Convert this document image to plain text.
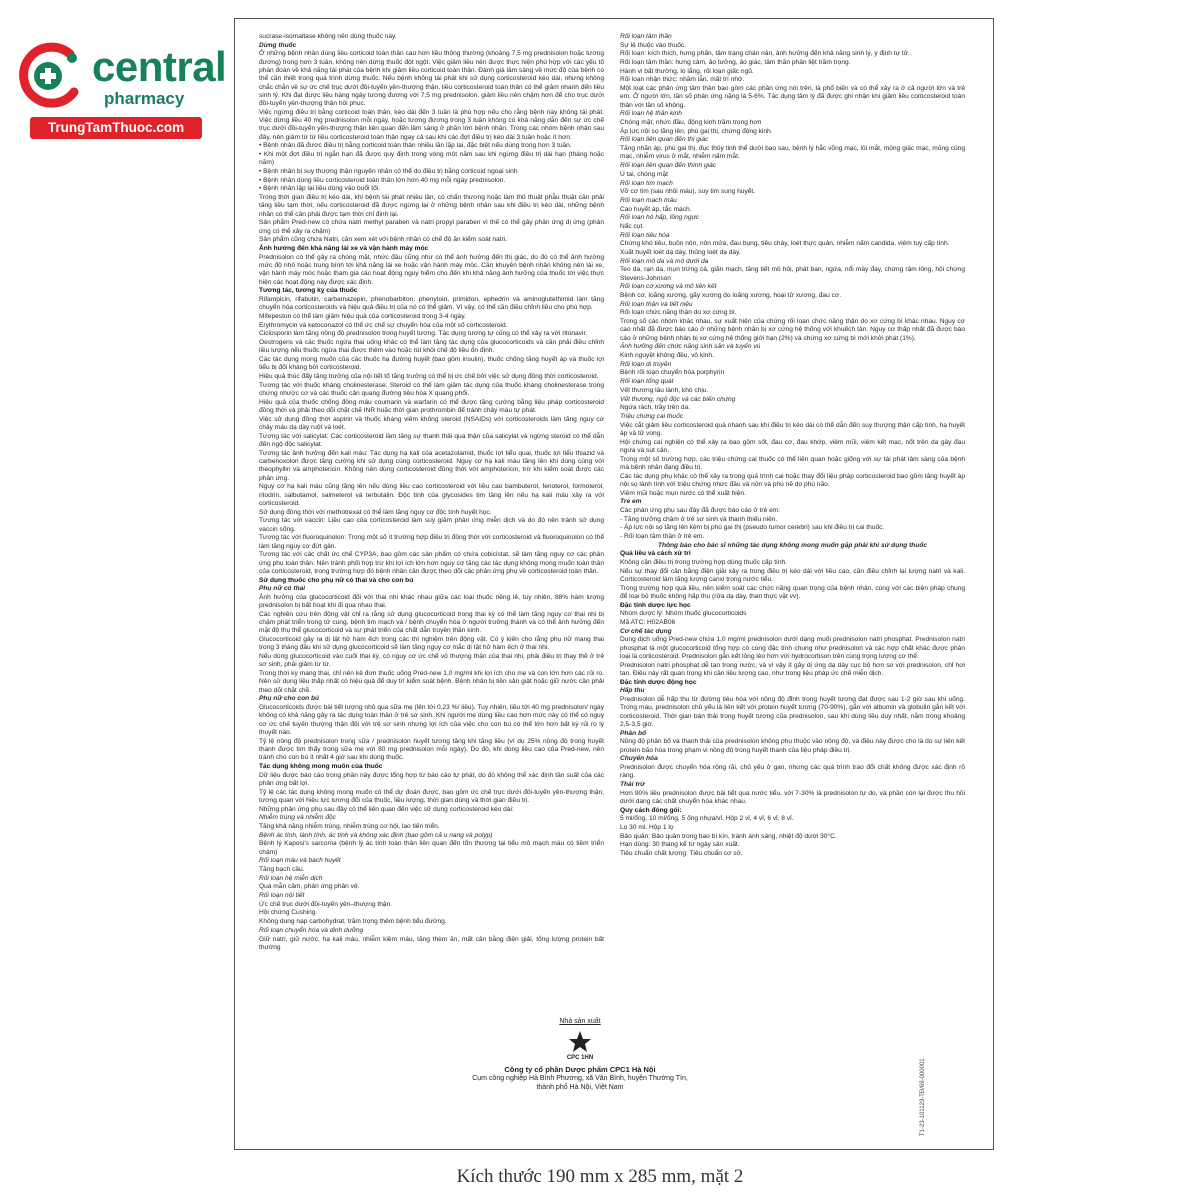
central
pharmacy
TrungTamThuoc.com

sucrase-isomaltase không nên dùng thuốc này.

Dừng thuốc

Ở những bệnh nhân dùng liều corticoid toàn thân cao hơn liều thông thường (khoảng 7,5 mg prednisolon hoặc tương đương) trong hơn 3 tuần, không nên dừng thuốc đột ngột. Việc giảm liều nên được thực hiện phù hợp với các yếu tố phán đoán về khả năng tái phát của bệnh khi giảm liều corticoid toàn thân. Đánh giá lâm sàng về mức độ của bệnh có thể cần thiết trong quá trình dừng thuốc. Nếu bệnh không tái phát khi sử dụng corticosteroid kéo dài, nhưng không chắc chắn về sự ức chế trục dưới đồi-tuyến yên-thượng thận, liều corticosteroid toàn thân có thể giảm nhanh đến liều sinh lý. Khi đạt được liều hàng ngày tương đương với 7,5 mg prednisolon, giảm liều nên chậm hơn để cho trục dưới đồi-tuyến yên-thượng thận hồi phục.

Việc ngừng điều trị bằng corticoid toàn thân, kéo dài đến 3 tuần là phù hợp nếu cho rằng bệnh này không tái phát. Việc dừng liều 40 mg prednisolon mỗi ngày, hoặc tương đương trong 3 tuần không có khả năng dẫn đến sự ức chế trục dưới đồi-tuyến yên-thượng thận liên quan đến lâm sàng ở phần lớn bệnh nhân. Trong các nhóm bệnh nhân sau đây, nên giảm từ từ liều corticosteroid toàn thân ngay cả sau khi các đợt điều trị kéo dài 3 tuần hoặc ít hơn:

• Bệnh nhân đã được điều trị bằng corticoid toàn thân nhiều lần lặp lại, đặc biệt nếu dùng trong hơn 3 tuần.

• Khi một đợt điều trị ngắn hạn đã được quy định trong vòng một năm sau khi ngừng điều trị dài hạn (tháng hoặc năm)

• Bệnh nhân bị suy thượng thận nguyên nhân có thể do điều trị bằng corticoid ngoại sinh

• Bệnh nhân dùng liều corticosteroid toàn thân lớn hơn 40 mg mỗi ngày prednisolon.

• Bệnh nhân lặp lại liều dùng vào buổi tối.

Trong thời gian điều trị kéo dài, khi bệnh tái phát nhiều lần, có chấn thương hoặc làm thủ thuật phẫu thuật cần phải tăng liều tạm thời; nếu corticosteroid đã được ngừng lại ở những bệnh nhân sau khi điều trị kéo dài, những bệnh nhân có thể cần phải được tạm thời chỉ định lại.

Sản phẩm Pred-new có chứa natri methyl paraben và natri propyl paraben vì thế có thể gây phản ứng dị ứng (phản ứng có thể xảy ra chậm)

Sản phẩm cũng chứa Natri, cần xem xét với bệnh nhân có chế độ ăn kiểm soát natri.

Ảnh hưởng đến khả năng lái xe và vận hành máy móc

Prednisolon có thể gây ra chóng mặt, nhức đầu cũng như có thể ảnh hưởng đến thị giác, do đó có thể ảnh hưởng mức độ nhỏ hoặc trung bình tới khả năng lái xe hoặc vận hành máy móc. Cần khuyên bệnh nhân không nên lái xe, vận hành máy móc hoặc tham gia các hoạt động nguy hiểm cho đến khi khả năng ảnh hưởng của thuốc tới việc thực hiện các hoạt động này được xác định.

Tương tác, tương kỵ của thuốc

Rifampicin, rifabutin, carbamazepin, phenobarbiton, phenytoin, primidon, ephedrin và aminoglutethimid làm tăng chuyển hóa corticosteroids và hiệu quả điều trị của nó có thể giảm. Vì vậy, có thể cần điều chỉnh liều cho phù hợp.

Mifepeston có thể làm giảm hiệu quả của corticosteroid trong 3-4 ngày.

Erythromycin và ketoconazol có thể ức chế sự chuyển hóa của một số corticosteroid.

Ciclosporin làm tăng nồng độ prednisolon trong huyết tương. Tác dụng tương tự cũng có thể xảy ra với ritonavir.

Oestrogens và các thuốc ngừa thai uống khác có thể làm tăng tác dụng của glucocorticoids và cần phải điều chỉnh liều lượng nếu thuốc ngừa thai được thêm vào hoặc rút khỏi chế độ liều ổn định.

Các tác dụng mong muốn của các thuốc hạ đường huyết (bao gồm insulin), thuốc chống tăng huyết áp và thuốc lợi tiểu bị đối kháng bởi corticosteroid.

Hiệu quả thúc đẩy tăng trưởng của nội tiết tố tăng trưởng có thể bị ức chế bởi việc sử dụng đồng thời corticosteroid.

Tương tác với thuốc kháng cholinesterase: Steroid có thể làm giảm tác dụng của thuốc kháng cholinesterase trong chứng nhược cơ và các thuốc cản quang đường tiêu hóa X quang phổi.

Hiệu quả của thuốc chống đông máu coumarin và warfarin có thể được tăng cường bằng liệu pháp corticosteroid đồng thời và phải theo dõi chặt chẽ INR hoặc thời gian prothrombin để tránh chảy máu tự phát.

Việc sử dụng đồng thời aspirin và thuốc kháng viêm không steroid (NSAIDs) với corticosteroids làm tăng nguy cơ chảy máu dạ dày ruột và loét.

Tương tác với salicylat: Các corticosteroid làm tăng sự thanh thải qua thận của salicylat và ngừng steroid có thể dẫn đến ngộ độc salicylat.

Tương tác ảnh hưởng đến kali máu: Tác dụng hạ kali của acetazolamid, thuốc lợi tiểu quai, thuốc lợi tiểu thiazid và carbenoxolon được tăng cường khi sử dụng cùng corticosteroid. Nguy cơ hạ kali máu tăng lên khi dùng cùng với theophyllin và amphotericin. Không nên dùng corticosteroid đồng thời với amphotericin, trừ khi kiểm soát được các phản ứng.

Nguy cơ hạ kali máu cũng tăng lên nếu dùng liều cao corticosteroid với liều cao bambuterol, fenoterol, formoterol, ritodrin, salbutamol, salmeterol và terbutalin. Độc tính của glycosides tim tăng lên nếu hạ kali máu xảy ra với corticosteroid.

Sử dụng đồng thời với methotrexat có thể làm tăng nguy cơ độc tính huyết học.

Tương tác với vaccin: Liều cao của corticosteroid làm suy giảm phản ứng miễn dịch và do đó nên tránh sử dụng vaccin sống.

Tương tác với fluoroquinolon: Trong một số ít trường hợp điều trị đồng thời với corticosteroid và fluoroquinolon có thể làm tăng nguy cơ đứt gân.

Tương tác với các chất ức chế CYP3A, bao gồm các sản phẩm có chứa cobicistat, sẽ làm tăng nguy cơ các phản ứng phụ toàn thân. Nên tránh phối hợp trừ khi lợi ích lớn hơn nguy cơ tăng các tác dụng không mong muốn toàn thân của corticosteroid, trong trường hợp đó bệnh nhân cần được theo dõi các phản ứng phụ về corticosteroid toàn thân.

Sử dụng thuốc cho phụ nữ có thai và cho con bú

Phụ nữ có thai

Ảnh hưởng của glucocorticoid đối với thai nhi khác nhau giữa các loại thuốc riêng lẻ, tuy nhiên, 88% hàm lượng prednisolon bị bất hoạt khi đi qua nhau thai.

Các nghiên cứu trên động vật chỉ ra rằng sử dụng glucocorticoid trong thai kỳ có thể làm tăng nguy cơ thai nhi bị chậm phát triển trong tử cung, bệnh tim mạch và / bệnh chuyển hóa ở người trưởng thành và có thể ảnh hưởng đến mặt độ thụ thể glucocorticoid và sự phát triển của chất dẫn truyền thần kinh.

Glucocorticoid gây ra dị tật hở hàm ếch trong các thí nghiệm trên động vật. Có ý kiến cho rằng phụ nữ mang thai trong 3 tháng đầu khi sử dụng glucocorticoid sẽ làm tăng nguy cơ mắc dị tật hở hàm ếch ở thai nhi.

Nếu dùng glucocorticoid vào cuối thai kỳ, có nguy cơ ức chế vỏ thượng thận của thai nhi, phải điều trị thay thế ở trẻ sơ sinh, phải giảm từ từ.

Trong thời kỳ mang thai, chỉ nên kê đơn thuốc uống Pred-new 1,0 mg/ml khi lợi ích cho mẹ và con lớn hơn các rủi ro. Nên sử dụng liều thấp nhất có hiệu quả để duy trì kiểm soát bệnh. Bệnh nhân bị tiền sản giật hoặc giữ nước cần phải theo dõi chặt chẽ.

Phụ nữ cho con bú

Glucocorticoids được bài tiết lượng nhỏ qua sữa mẹ (lên tới 0,23 %/ liều). Tuy nhiên, liều tới 40 mg prednisolon/ ngày không có khả năng gây ra tác dụng toàn thân ở trẻ sơ sinh. Khi người mẹ dùng liều cao hơn mức này có thể có nguy cơ ức chế tuyến thượng thận đối với trẻ sơ sinh nhưng lợi ích của việc cho con bú có thể lớn hơn bất kỳ rủi ro lý thuyết nào.

Tỷ lệ nồng độ prednisolon trong sữa / prednisolon huyết tương tăng khi tăng liều (ví dụ 25% nồng độ trong huyết thanh được tìm thấy trong sữa mẹ với 80 mg prednisolon mỗi ngày). Do đó, khi dùng liều cao của Pred-new, nên tránh cho con bú ít nhất 4 giờ sau khi dùng thuốc.

Tác dụng không mong muốn của thuốc

Dữ liệu được báo cáo trong phần này được tổng hợp từ báo cáo tự phát, do đó không thể xác định tần suất của các phản ứng bất lợi.

Tỷ lệ các tác dụng không mong muốn có thể dự đoán được, bao gồm ức chế trục dưới đồi-tuyến yên-thượng thận, tương quan với hiệu lực tương đối của thuốc, liều lượng, thời gian dùng và thời gian điều trị.

Những phản ứng phụ sau đây có thể liên quan đến việc sử dụng corticosteroid kéo dài:

Nhiễm trùng và nhiễm độc

Tăng khả năng nhiễm trùng, nhiễm trùng cơ hội, lao tiến triển.

Bệnh ác tính, lành tính, ác tính và không xác định (bao gồm cả u nang và polyp)

Bệnh lý Kaposi's sarcoma (bệnh lý ác tính toàn thân liên quan đến tổn thương tại tiểu mô mạch máu có tiềm triển chậm)

Rối loạn máu và bạch huyết

Tăng bạch cầu.

Rối loạn hệ miễn dịch

Quá mẫn cảm, phản ứng phản vệ.

Rối loạn nội tiết

Ức chế trục dưới đồi-tuyến yên–thượng thận.

Hội chứng Cushing.

Không dung nạp carbohydrat, trầm trọng thêm bệnh tiểu đường.

Rối loạn chuyển hóa và dinh dưỡng

Giữ natri, giữ nước, hạ kali máu, nhiễm kiềm máu, tăng thèm ăn, mất cân bằng điện giải, tổng lượng protein bất thường

Rối loạn tâm thần

Sự lệ thuộc vào thuốc.

Rối loạn: kích thích, hưng phấn, tâm trạng chán nản, ảnh hưởng đến khả năng sinh lý, ý định tự tử.

Rối loạn tâm thần: hưng cảm, ảo tưởng, ảo giác, tâm thần phân liệt trầm trọng.

Hành vi bất thường, lo lắng, rối loạn giấc ngủ.

Rối loạn nhận thức: nhầm lẫn, mất trí nhớ.

Một loạt các phản ứng tâm thần bao gồm các phản ứng nói trên, là phổ biến và có thể xảy ra ở cả người lớn và trẻ em. Ở người lớn, tần số phản ứng nặng là 5-6%. Tác dụng tâm lý đã được ghi nhận khi giảm liều corticosteroid toàn thân với tần số không.

Rối loạn hệ thần kinh

Chóng mặt, nhức đầu, động kinh trầm trọng hơn

Áp lực nội sọ tăng lên, phù gai thị, chứng động kinh.

Rối loạn liên quan đến thị giác

Tăng nhãn áp, phù gai thị, đục thủy tinh thể dưới bao sau, bệnh lý hắc võng mạc, lồi mắt, mỏng giác mạc, mỏng củng mạc, nhiễm virus ở mắt, nhiễm nấm mắt.

Rối loạn liên quan đến thính giác

Ù tai, chóng mặt

Rối loạn tim mạch

Vỡ cơ tim (sau nhồi máu), suy tim sung huyết.

Rối loạn mạch máu

Cao huyết áp, tắc mạch.

Rối loạn hô hấp, lồng ngực

Nấc cụt.

Rối loạn tiêu hóa

Chứng khó tiêu, buồn nôn, nôn mửa, đau bụng, tiêu chảy, loét thực quản, nhiễm nấm candida, viêm tụy cấp tính.

Xuất huyết loét dạ dày, thủng loét dạ dày.

Rối loạn mô da và mô dưới da

Teo da, rạn da, mụn trứng cá, giãn mạch, tăng tiết mồ hôi, phát ban, ngứa, nổi mày đay, chứng rậm lông, hội chứng Stevens-Johnson

Rối loạn cơ xương và mô liên kết

Bệnh cơ, loãng xương, gãy xương do loãng xương, hoại tử xương, đau cơ.

Rối loạn thận và tiết niệu

Rối loạn chức năng thận do xơ cứng bì.

Trong số các nhóm khác nhau, sự xuất hiện của chứng rối loạn chức năng thận do xơ cứng bì khác nhau. Nguy cơ cao nhất đã được báo cáo ở những bệnh nhân bị xơ cứng hệ thống với khuếch tán. Nguy cơ thấp nhất đã được báo cáo ở những bệnh nhân bị xơ cứng hệ thống giới hạn (2%) và chứng xơ cứng bì mới khởi phát (1%).

Ảnh hưởng đến chức năng sinh sản và tuyến vú

Kinh nguyệt không đều, vô kinh.

Rối loạn di truyền

Bệnh rối loạn chuyển hóa porphyrin

Rối loạn tổng quát

Vết thương lâu lành, khó chịu.

Vết thương, ngộ độc và các biến chứng

Ngứa rách, trầy trên da.

Triệu chứng cai thuốc

Việc cắt giảm liều corticosteroid quá nhanh sau khi điều trị kéo dài có thể dẫn đến suy thượng thận cấp tính, hạ huyết áp và tử vong.

Hội chứng cai nghiện có thể xảy ra bao gồm sốt, đau cơ, đau khớp, viêm mũi, viêm kết mạc, nốt trên da gây đau ngứa và sụt cân.

Trong một số trường hợp, các triệu chứng cai thuốc có thể liên quan hoặc giống với sự tái phát lâm sàng của bệnh mà bệnh nhân đang điều trị.

Các tác dụng phụ khác có thể xảy ra trong quá trình cai hoặc thay đổi liệu pháp corticosteroid bao gồm tăng huyết áp nội sọ lành tính với triệu chứng nhức đầu và nôn và phù nề do phù não.

Viêm mũi hoặc mụn nước có thể xuất hiện.

Trẻ em

Các phản ứng phụ sau đây đã được báo cáo ở trẻ em:

- Tăng trưởng chậm ở trẻ sơ sinh và thanh thiếu niên.

- Áp lực nội sọ tăng lên kèm bị phù gai thị (pseudo tumor cerebri) sau khi điều trị cai thuốc.

- Rối loạn tâm thần ở trẻ em.

Thông báo cho bác sĩ những tác dụng không mong muốn gặp phải khi sử dụng thuốc

Quá liều và cách xử trí

Không cần điều trị trong trường hợp dùng thuốc cấp tính.

Nếu sự thay đổi cân bằng điện giải xảy ra trong điều trị kéo dài với liều cao, cần điều chỉnh lại lượng natri và kali. Corticosteroid làm tăng lượng canxi trong nước tiểu.

Trong trường hợp quá liều, nên kiểm soát các chức năng quan trọng của bệnh nhân, cùng với các biện pháp chung để loại bỏ thuốc không hấp thu (rửa dạ dày, than thực vật vv).

Đặc tính dược lực học

Nhóm dược lý: Nhóm thuốc glucocorticoids

Mã ATC: H02AB06

Cơ chế tác dụng

Dung dịch uống Pred-new chứa 1,0 mg/ml prednisolon dưới dạng muối prednisolon natri phosphat. Prednisolon natri phosphat là một glucocorticoid tổng hợp có cùng đặc tính chung như prednisolon và các hợp chất khác được phân loại là corticosteroid. Prednisolon gắn kết lỏng lẻo hơn với hydrocortison trên cùng trọng lượng cơ thể.

Prednisolon natri phosphat dễ tan trong nước, và vì vậy ít gây dị ứng dạ dày cục bộ hơn so với prednisolon, chỉ hơi tan. Điều này rất quan trọng khi cần liều lượng cao, như trong liệu pháp ức chế miễn dịch.

Đặc tính dược động học

Hấp thu

Prednisolon dễ hấp thu từ đường tiêu hóa với nồng độ đỉnh trong huyết tương đạt được sau 1-2 giờ sau khi uống. Trong máu, prednisolon chủ yếu là liên kết với protein huyết tương (70-90%), gắn với albumin và globulin gắn kết với corticosteroid. Thời gian bán thải trong huyết tương của prednisolon, sau khi dùng liều duy nhất, nằm trong khoảng 2,5-3,5 giờ.

Phân bố

Nồng độ phân bố và thanh thải của prednisolon không phụ thuộc vào nồng độ, và điều này được cho là do sự liên kết protein bão hòa trong phạm vi nồng độ trong huyết thanh của liệu pháp điều trị.

Chuyển hóa

Prednisolon được chuyển hóa rộng rãi, chủ yếu ở gan, nhưng các quá trình trao đổi chất không được xác định rõ ràng.

Thải trừ

Hơn 90% liều prednisolon được bài tiết qua nước tiểu, với 7-30% là prednisolon tự do, và phần còn lại được thu hồi dưới dạng các chất chuyển hóa khác nhau.

Quy cách đóng gói:

5 ml/ống, 10 ml/ống, 5 ống nhựa/vỉ. Hộp 2 vỉ, 4 vỉ, 6 vỉ, 8 vỉ.

Lọ 30 ml. Hộp 1 lọ

Bảo quản: Bảo quản trong bao bì kín, tránh ánh sáng, nhiệt độ dưới 30°C.

Hạn dùng: 30 tháng kể từ ngày sản xuất.

Tiêu chuẩn chất lượng: Tiêu chuẩn cơ sở.

Nhà sản xuất
CPC 1HN
Công ty cổ phần Dược phẩm CPC1 Hà Nội
Cụm công nghiệp Hà Bình Phương, xã Văn Bình, huyện Thường Tín,
thành phố Hà Nội, Việt Nam	T1-23-101123-TĐ/69-000001
Kích thước 190 mm x 285 mm, mặt 2
